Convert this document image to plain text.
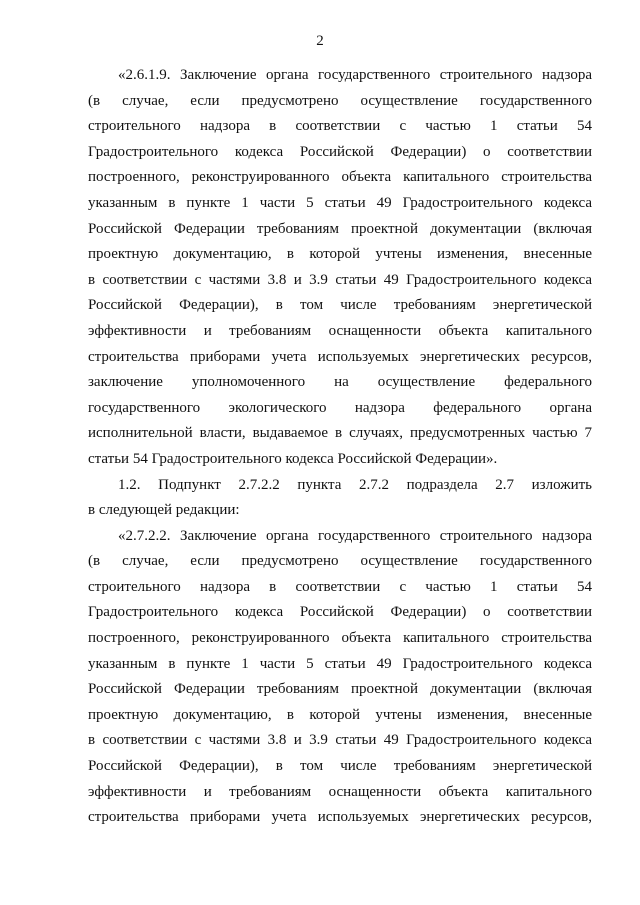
2
«2.6.1.9. Заключение органа государственного строительного надзора
(в случае, если предусмотрено осуществление государственного
строительного надзора в соответствии с частью 1 статьи 54
Градостроительного кодекса Российской Федерации) о соответствии
построенного, реконструированного объекта капитального строительства
указанным в пункте 1 части 5 статьи 49 Градостроительного кодекса
Российской Федерации требованиям проектной документации (включая
проектную документацию, в которой учтены изменения, внесенные
в соответствии с частями 3.8 и 3.9 статьи 49 Градостроительного кодекса
Российской Федерации), в том числе требованиям энергетической
эффективности и требованиям оснащенности объекта капитального
строительства приборами учета используемых энергетических ресурсов,
заключение уполномоченного на осуществление федерального
государственного экологического надзора федерального органа
исполнительной власти, выдаваемое в случаях, предусмотренных частью 7
статьи 54 Градостроительного кодекса Российской Федерации».
1.2. Подпункт 2.7.2.2 пункта 2.7.2 подраздела 2.7 изложить
в следующей редакции:
«2.7.2.2. Заключение органа государственного строительного надзора
(в случае, если предусмотрено осуществление государственного
строительного надзора в соответствии с частью 1 статьи 54
Градостроительного кодекса Российской Федерации) о соответствии
построенного, реконструированного объекта капитального строительства
указанным в пункте 1 части 5 статьи 49 Градостроительного кодекса
Российской Федерации требованиям проектной документации (включая
проектную документацию, в которой учтены изменения, внесенные
в соответствии с частями 3.8 и 3.9 статьи 49 Градостроительного кодекса
Российской Федерации), в том числе требованиям энергетической
эффективности и требованиям оснащенности объекта капитального
строительства приборами учета используемых энергетических ресурсов,
